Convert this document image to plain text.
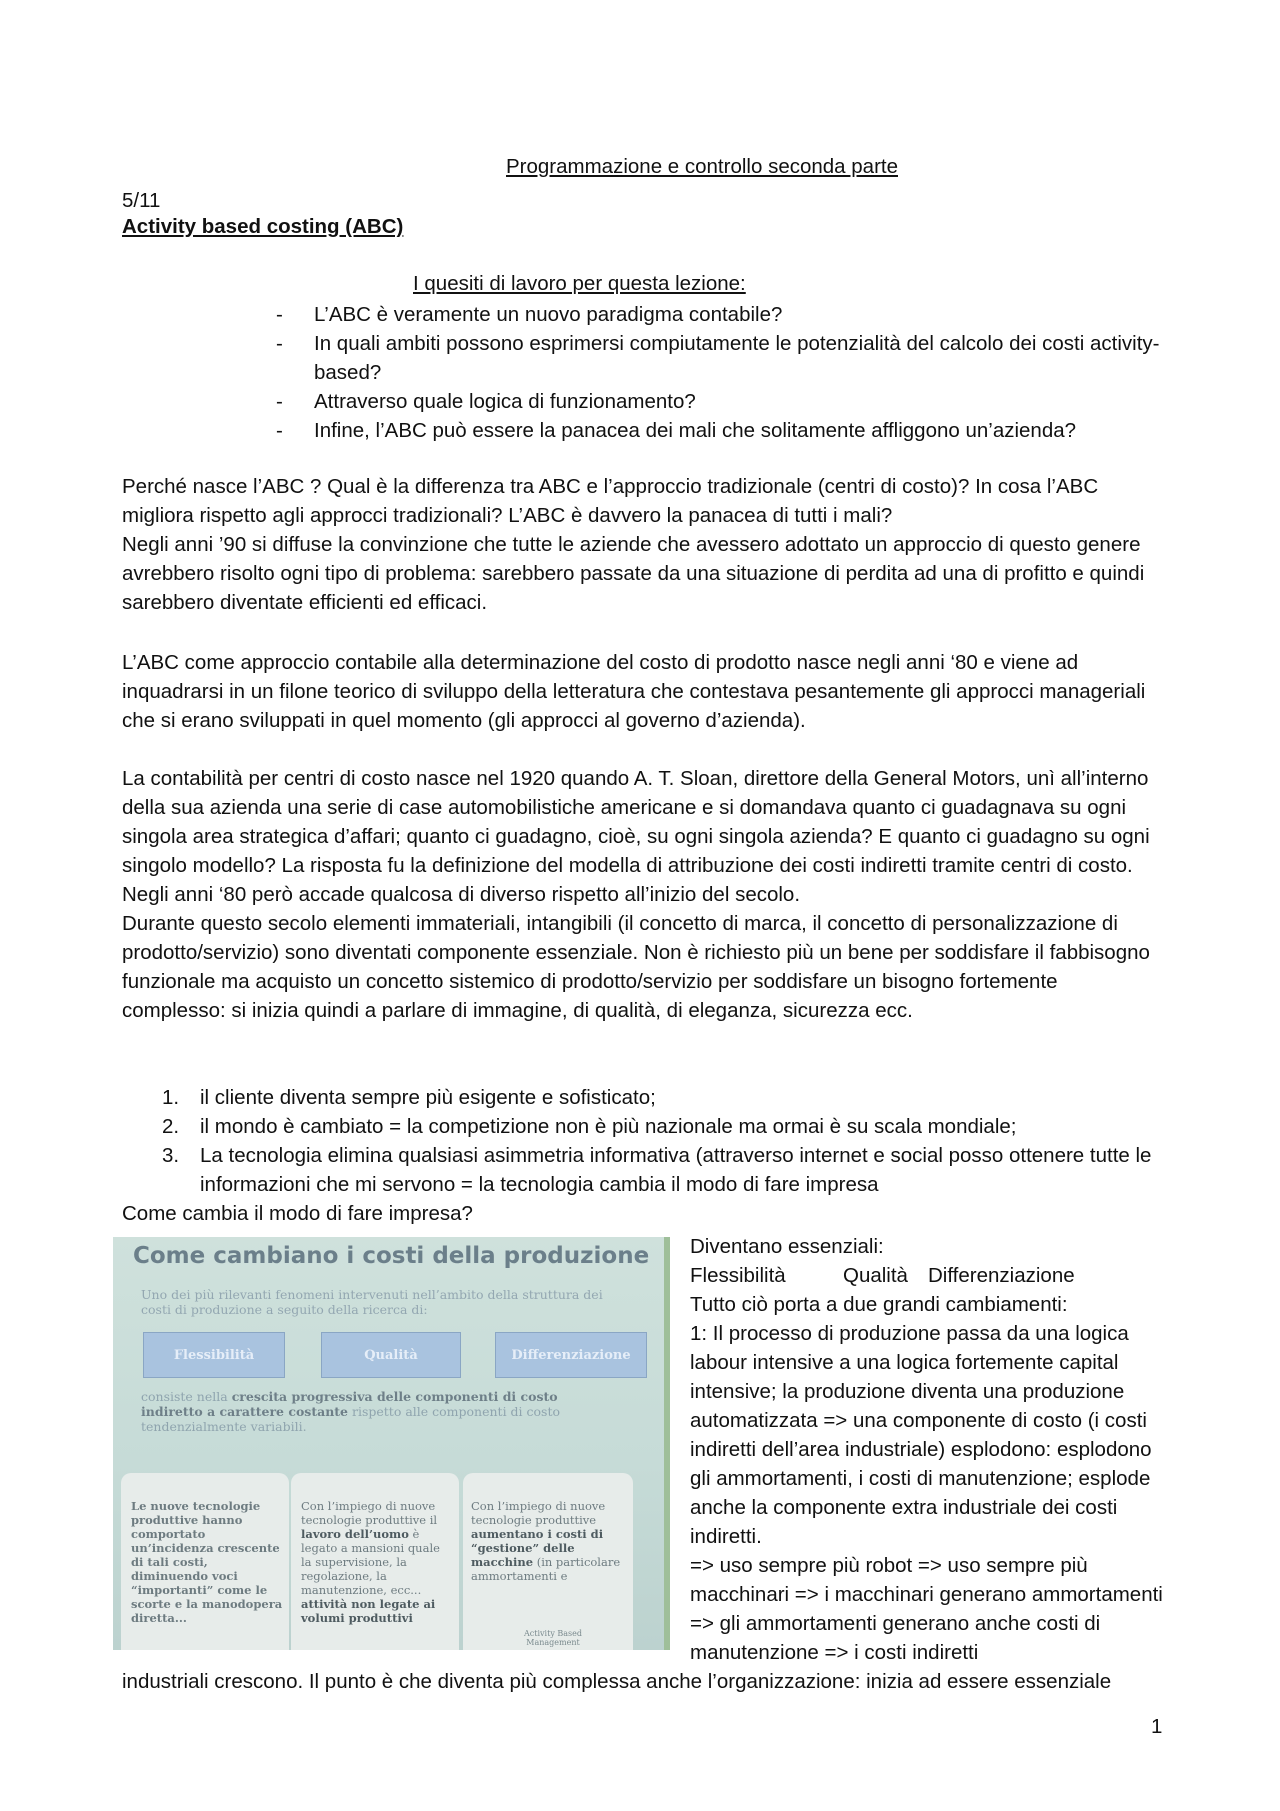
Programmazione e controllo seconda parte
5/11
Activity based costing (ABC)
I quesiti di lavoro per questa lezione:
- L’ABC è veramente un nuovo paradigma contabile?
- In quali ambiti possono esprimersi compiutamente le potenzialità del calcolo dei costi activity-based?
- Attraverso quale logica di funzionamento?
- Infine, l’ABC può essere la panacea dei mali che solitamente affliggono un’azienda?

Perché nasce l’ABC ? Qual è la differenza tra ABC e l’approccio tradizionale (centri di costo)? In cosa l’ABC migliora rispetto agli approcci tradizionali? L’ABC è davvero la panacea di tutti i mali?

Negli anni ’90 si diffuse la convinzione che tutte le aziende che avessero adottato un approccio di questo genere avrebbero risolto ogni tipo di problema: sarebbero passate da una situazione di perdita ad una di profitto e quindi sarebbero diventate efficienti ed efficaci.

L’ABC come approccio contabile alla determinazione del costo di prodotto nasce negli anni ‘80 e viene ad inquadrarsi in un filone teorico di sviluppo della letteratura che contestava pesantemente gli approcci manageriali che si erano sviluppati in quel momento (gli approcci al governo d’azienda).

La contabilità per centri di costo nasce nel 1920 quando A. T. Sloan, direttore della General Motors, unì all’interno della sua azienda una serie di case automobilistiche americane e si domandava quanto ci guadagnava su ogni singola area strategica d’affari; quanto ci guadagno, cioè, su ogni singola azienda? E quanto ci guadagno su ogni singolo modello? La risposta fu la definizione del modella di attribuzione dei costi indiretti tramite centri di costo.

Negli anni ‘80 però accade qualcosa di diverso rispetto all’inizio del secolo.

Durante questo secolo elementi immateriali, intangibili (il concetto di marca, il concetto di personalizzazione di prodotto/servizio) sono diventati componente essenziale. Non è richiesto più un bene per soddisfare il fabbisogno funzionale ma acquisto un concetto sistemico di prodotto/servizio per soddisfare un bisogno fortemente complesso: si inizia quindi a parlare di immagine, di qualità, di eleganza, sicurezza ecc.

1. il cliente diventa sempre più esigente e sofisticato;
2. il mondo è cambiato = la competizione non è più nazionale ma ormai è su scala mondiale;
3. La tecnologia elimina qualsiasi asimmetria informativa (attraverso internet e social posso ottenere tutte le informazioni che mi servono = la tecnologia cambia il modo di fare impresa
Come cambia il modo di fare impresa?
Come cambiano i costi della produzione
Uno dei più rilevanti fenomeni intervenuti nell’ambito della struttura dei costi di produzione a seguito della ricerca di:
Flessibilità	Qualità	Differenziazione
consiste nella crescita progressiva delle componenti di costo indiretto a carattere costante rispetto alle componenti di costo tendenzialmente variabili.
Le nuove tecnologie produttive hanno comportato un’incidenza crescente di tali costi, diminuendo voci “importanti” come le scorte e la manodopera diretta...
Con l’impiego di nuove tecnologie produttive il lavoro dell’uomo è legato a mansioni quale la supervisione, la regolazione, la manutenzione, ecc... attività non legate ai volumi produttivi
Con l’impiego di nuove tecnologie produttive aumentano i costi di “gestione” delle macchine (in particolare ammortamenti e
Activity Based Management

Diventano essenziali:

Flessibilità	Qualità Differenziazione

Tutto ciò porta a due grandi cambiamenti:

1: Il processo di produzione passa da una logica labour intensive a una logica fortemente capital intensive; la produzione diventa una produzione automatizzata => una componente di costo (i costi indiretti dell’area industriale) esplodono: esplodono gli ammortamenti, i costi di manutenzione; esplode anche la componente extra industriale dei costi indiretti.

=> uso sempre più robot => uso sempre più macchinari => i macchinari generano ammortamenti => gli ammortamenti generano anche costi di manutenzione => i costi indiretti

industriali crescono. Il punto è che diventa più complessa anche l’organizzazione: inizia ad essere essenziale
1
